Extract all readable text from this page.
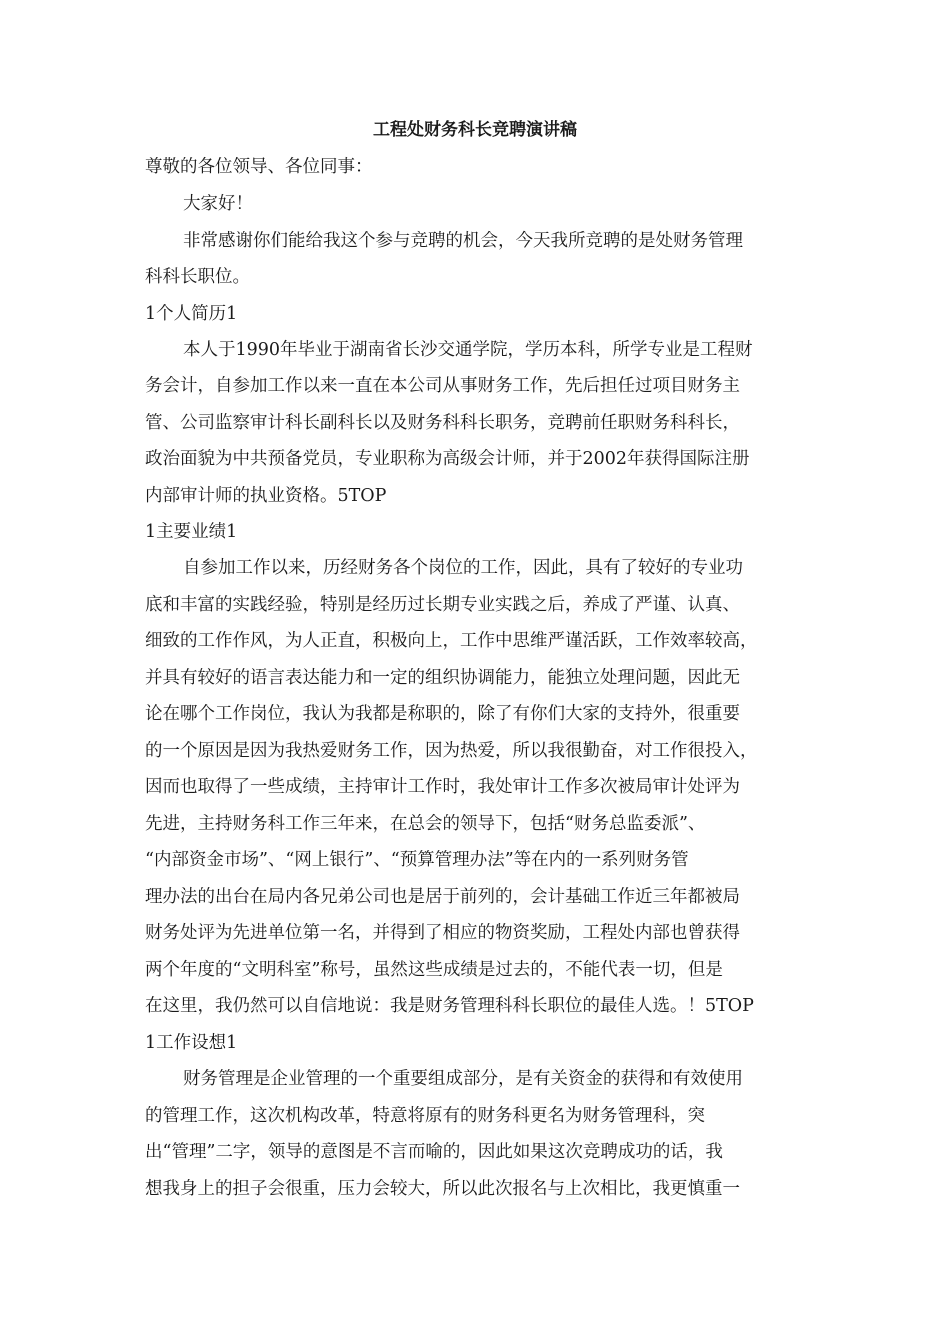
工程处财务科长竞聘演讲稿
尊敬的各位领导、各位同事：
大家好！
非常感谢你们能给我这个参与竞聘的机会，今天我所竞聘的是处财务管理
科科长职位。
1个人简历1
本人于1990年毕业于湖南省长沙交通学院，学历本科，所学专业是工程财
务会计，自参加工作以来一直在本公司从事财务工作，先后担任过项目财务主
管、公司监察审计科长副科长以及财务科科长职务，竞聘前任职财务科科长，
政治面貌为中共预备党员，专业职称为高级会计师，并于2002年获得国际注册
内部审计师的执业资格。5TOP
1主要业绩1
自参加工作以来，历经财务各个岗位的工作，因此，具有了较好的专业功
底和丰富的实践经验，特别是经历过长期专业实践之后，养成了严谨、认真、
细致的工作作风，为人正直，积极向上，工作中思维严谨活跃，工作效率较高，
并具有较好的语言表达能力和一定的组织协调能力，能独立处理问题，因此无
论在哪个工作岗位，我认为我都是称职的，除了有你们大家的支持外，很重要
的一个原因是因为我热爱财务工作，因为热爱，所以我很勤奋，对工作很投入，
因而也取得了一些成绩，主持审计工作时，我处审计工作多次被局审计处评为
先进，主持财务科工作三年来，在总会的领导下，包括“财务总监委派”、
“内部资金市场”、“网上银行”、“预算管理办法”等在内的一系列财务管
理办法的出台在局内各兄弟公司也是居于前列的，会计基础工作近三年都被局
财务处评为先进单位第一名，并得到了相应的物资奖励，工程处内部也曾获得
两个年度的“文明科室”称号，虽然这些成绩是过去的，不能代表一切，但是
在这里，我仍然可以自信地说：我是财务管理科科长职位的最佳人选。！5TOP
1工作设想1
财务管理是企业管理的一个重要组成部分，是有关资金的获得和有效使用
的管理工作，这次机构改革，特意将原有的财务科更名为财务管理科，突
出“管理”二字，领导的意图是不言而喻的，因此如果这次竞聘成功的话，我
想我身上的担子会很重，压力会较大，所以此次报名与上次相比，我更慎重一
